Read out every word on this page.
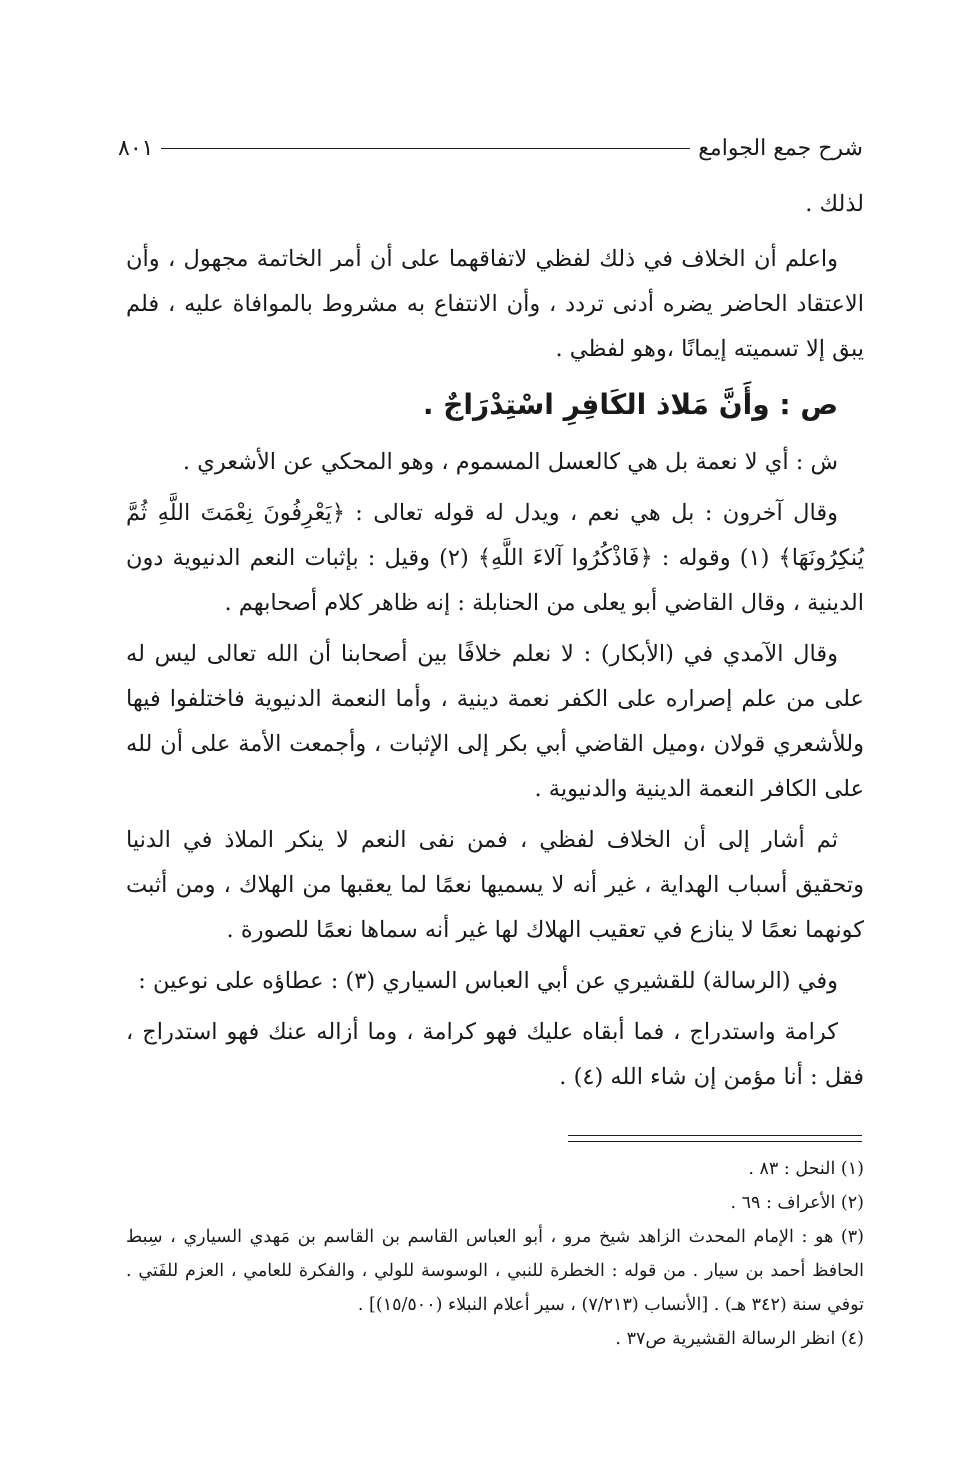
شرح جمع الجوامع
٨٠١

لذلك .

واعلم أن الخلاف في ذلك لفظي لاتفاقهما على أن أمر الخاتمة مجهول ، وأن الاعتقاد الحاضر يضره أدنى تردد ، وأن الانتفاع به مشروط بالموافاة عليه ، فلم يبق إلا تسميته إيمانًا ،وهو لفظي .

ص : وأَنَّ مَلاذ الكَافِرِ اسْتِدْرَاجٌ .

ش : أي لا نعمة بل هي كالعسل المسموم ، وهو المحكي عن الأشعري .

وقال آخرون : بل هي نعم ، ويدل له قوله تعالى : ﴿يَعْرِفُونَ نِعْمَتَ اللَّهِ ثُمَّ يُنكِرُونَهَا﴾ (١) وقوله : ﴿فَاذْكُرُوا آلاءَ اللَّهِ﴾ (٢) وقيل : بإثبات النعم الدنيوية دون الدينية ، وقال القاضي أبو يعلى من الحنابلة : إنه ظاهر كلام أصحابهم .

وقال الآمدي في (الأبكار) : لا نعلم خلافًا بين أصحابنا أن الله تعالى ليس له على من علم إصراره على الكفر نعمة دينية ، وأما النعمة الدنيوية فاختلفوا فيها وللأشعري قولان ،وميل القاضي أبي بكر إلى الإثبات ، وأجمعت الأمة على أن لله على الكافر النعمة الدينية والدنيوية .

ثم أشار إلى أن الخلاف لفظي ، فمن نفى النعم لا ينكر الملاذ في الدنيا وتحقيق أسباب الهداية ، غير أنه لا يسميها نعمًا لما يعقبها من الهلاك ، ومن أثبت كونهما نعمًا لا ينازع في تعقيب الهلاك لها غير أنه سماها نعمًا للصورة .

وفي (الرسالة) للقشيري عن أبي العباس السياري (٣) : عطاؤه على نوعين :

كرامة واستدراج ، فما أبقاه عليك فهو كرامة ، وما أزاله عنك فهو استدراج ، فقل : أنا مؤمن إن شاء الله (٤) .

(١) النحل : ٨٣ .

(٢) الأعراف : ٦٩ .

(٣) هو : الإمام المحدث الزاهد شيخ مرو ، أبو العباس القاسم بن القاسم بن مَهدي السياري ، سِبط الحافظ أحمد بن سيار . من قوله : الخطرة للنبي ، الوسوسة للولي ، والفكرة للعامي ، العزم للفَتي . توفي سنة (٣٤٢ هـ) . [الأنساب (٧/٢١٣) ، سير أعلام النبلاء (١٥/٥٠٠)] .

(٤) انظر الرسالة القشيرية ص٣٧ .
